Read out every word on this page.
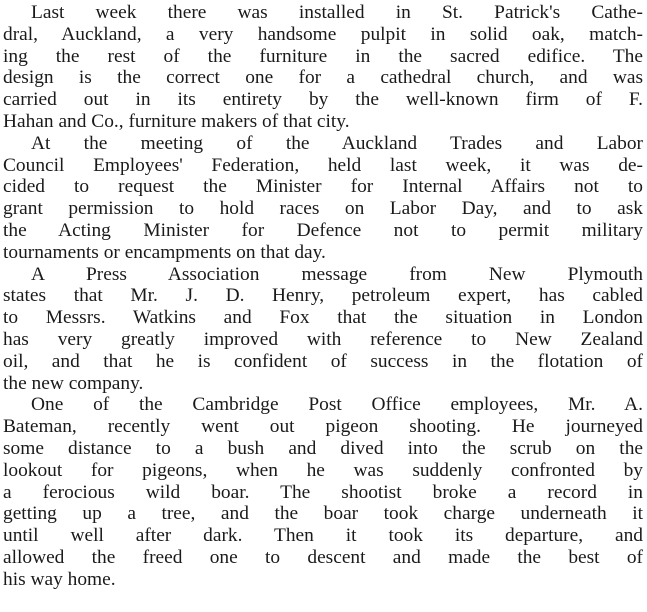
Last week there was installed in St. Patrick's Cathe-
dral, Auckland, a very handsome pulpit in solid oak, match-
ing the rest of the furniture in the sacred edifice. The
design is the correct one for a cathedral church, and was
carried out in its entirety by the well-known firm of F.
Hahan and Co., furniture makers of that city.
At the meeting of the Auckland Trades and Labor
Council Employees' Federation, held last week, it was de-
cided to request the Minister for Internal Affairs not to
grant permission to hold races on Labor Day, and to ask
the Acting Minister for Defence not to permit military
tournaments or encampments on that day.
A Press Association message from New Plymouth
states that Mr. J. D. Henry, petroleum expert, has cabled
to Messrs. Watkins and Fox that the situation in London
has very greatly improved with reference to New Zealand
oil, and that he is confident of success in the flotation of
the new company.
One of the Cambridge Post Office employees, Mr. A.
Bateman, recently went out pigeon shooting. He journeyed
some distance to a bush and dived into the scrub on the
lookout for pigeons, when he was suddenly confronted by
a ferocious wild boar. The shootist broke a record in
getting up a tree, and the boar took charge underneath it
until well after dark. Then it took its departure, and
allowed the freed one to descent and made the best of
his way home.
